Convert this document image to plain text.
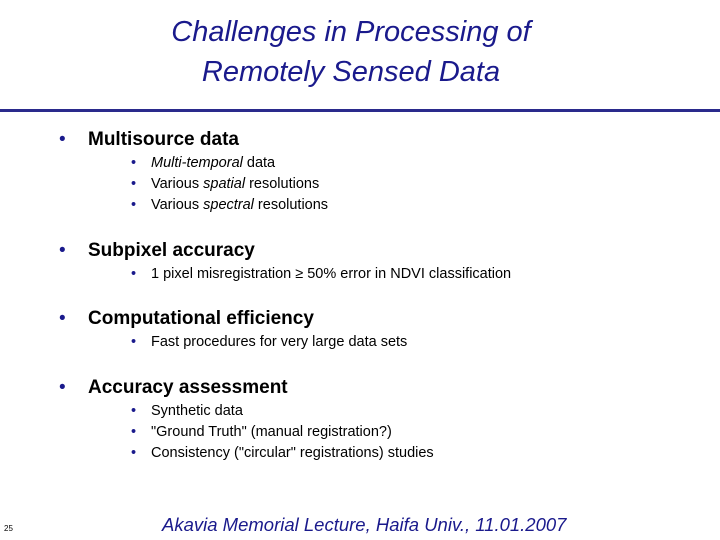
Challenges in Processing of
Remotely Sensed Data
• Multisource data
• Multi-temporal data
• Various spatial resolutions
• Various spectral resolutions
• Subpixel accuracy
• 1 pixel misregistration ≥ 50% error in NDVI classification
• Computational efficiency
• Fast procedures for very large data sets
• Accuracy assessment
• Synthetic data
• "Ground Truth" (manual registration?)
• Consistency ("circular" registrations) studies
Akavia Memorial Lecture, Haifa Univ., 11.01.2007
25
